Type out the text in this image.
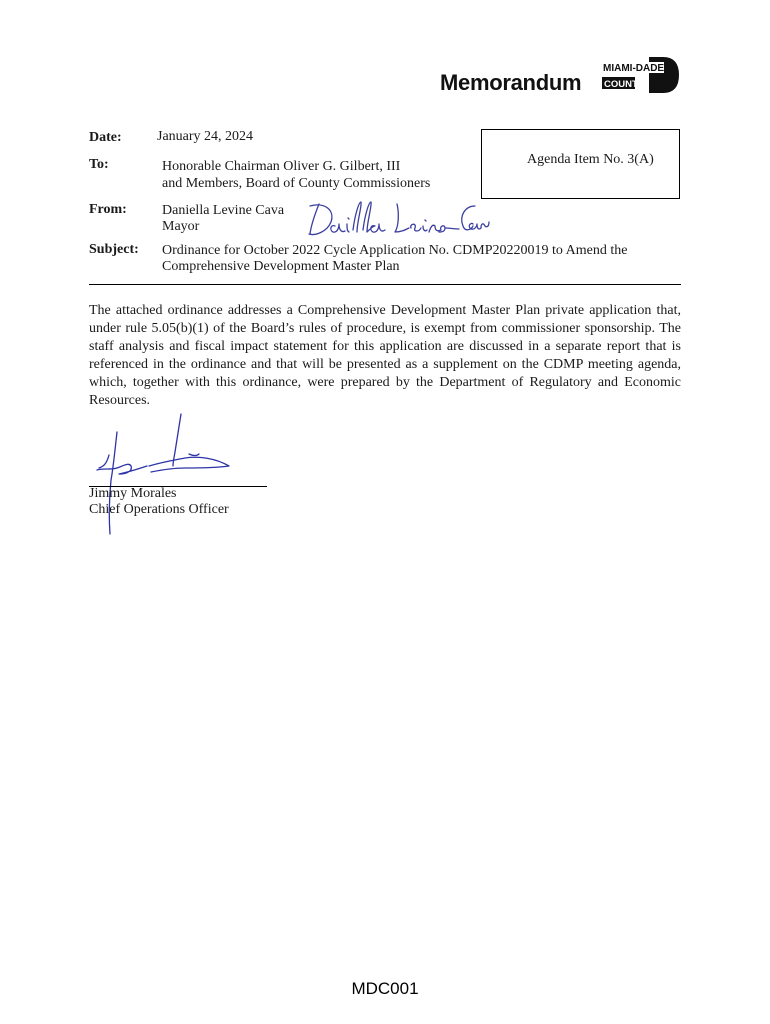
Memorandum
MIAMI-DADE
COUNTY
Date:	January 24, 2024
To:	Honorable Chairman Oliver G. Gilbert, III
and Members, Board of County Commissioners
Agenda Item No. 3(A)
From:	Daniella Levine Cava
Mayor
Subject: Ordinance for October 2022 Cycle Application No. CDMP20220019 to Amend the
Comprehensive Development Master Plan
The attached ordinance addresses a Comprehensive Development Master Plan private application that, under rule 5.05(b)(1) of the Board’s rules of procedure, is exempt from commissioner sponsorship. The staff analysis and fiscal impact statement for this application are discussed in a separate report that is referenced in the ordinance and that will be presented as a supplement on the CDMP meeting agenda, which, together with this ordinance, were prepared by the Department of Regulatory and Economic Resources.
Jimmy Morales
Chief Operations Officer
MDC001
